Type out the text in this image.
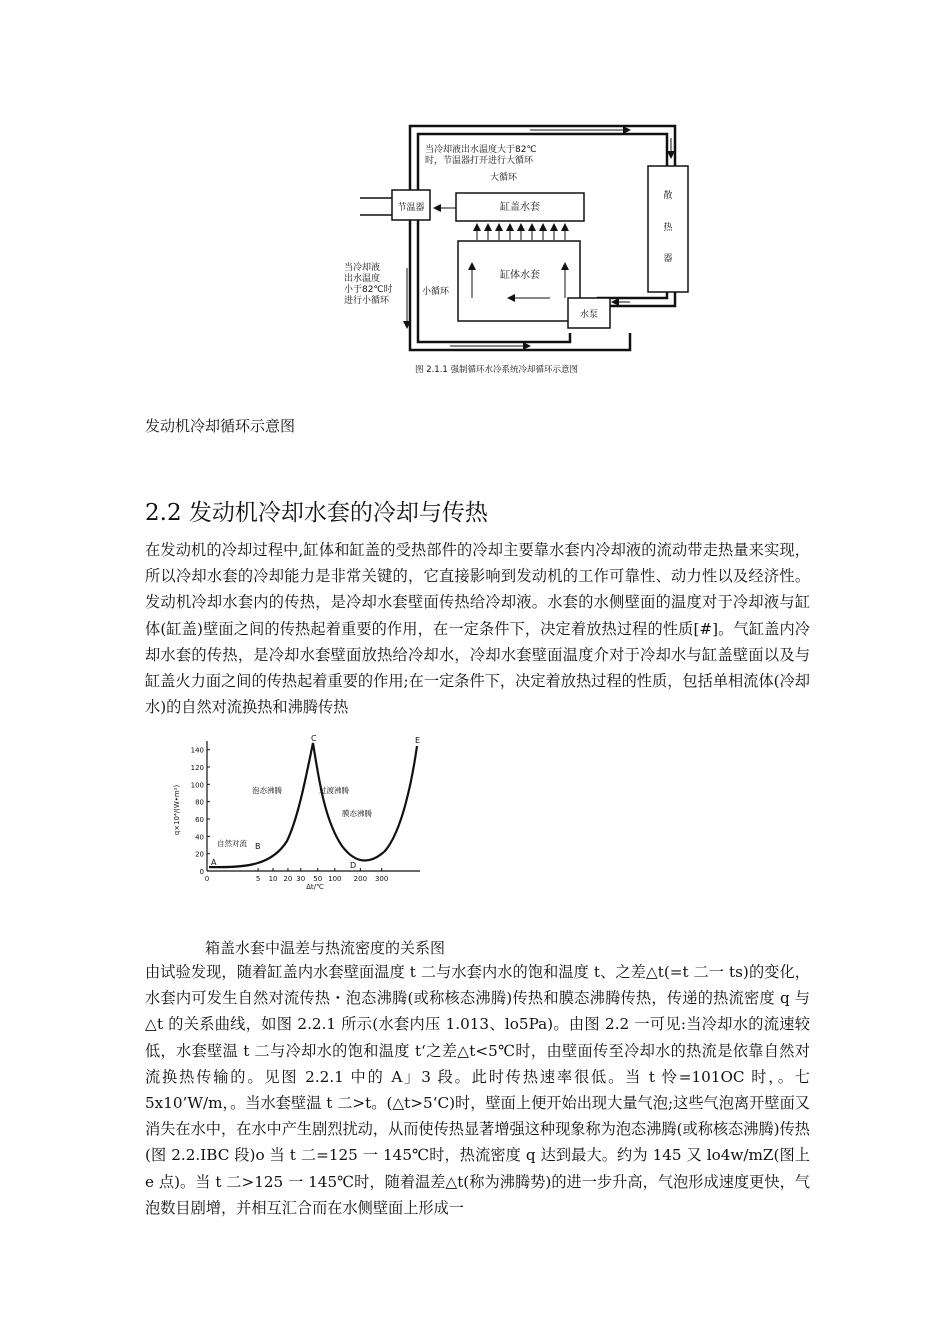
节温器	缸盖水套
缸体水套
水泵
散
热
器
当冷却液出水温度大于82℃
时，节温器打开进行大循环
大循环
当冷却液
出水温度
小于82℃时
进行小循环
小循环
图 2.1.1 强制循环水冷系统冷却循环示意图
发动机冷却循环示意图
2.2 发动机冷却水套的冷却与传热
在发动机的冷却过程中,缸体和缸盖的受热部件的冷却主要靠水套内冷却液的流动带走热量来实现，所以冷却水套的冷却能力是非常关键的，它直接影响到发动机的工作可靠性、动力性以及经济性。发动机冷却水套内的传热，是冷却水套壁面传热给冷却液。水套的水侧壁面的温度对于冷却液与缸体(缸盖)壁面之间的传热起着重要的作用，在一定条件下，决定着放热过程的性质[#]。气缸盖内冷却水套的传热，是冷却水套壁面放热给冷却水，冷却水套壁面温度介对于冷却水与缸盖壁面以及与缸盖火力面之间的传热起着重要的作用;在一定条件下，决定着放热过程的性质，包括单相流体(冷却水)的自然对流换热和沸腾传热
0
20
40
60
80
100
120
140
0	5 10 20 30 50 100 200 300
q×10⁴/(W•m²)
Δt/℃
A
B
C
D
E
自然对流
泡态沸腾	过渡沸腾
膜态沸腾
箱盖水套中温差与热流密度的关系图
由试验发现，随着缸盖内水套壁面温度 t 二与水套内水的饱和温度 t、之差△t(=t 二一 ts)的变化，水套内可发生自然对流传热・泡态沸腾(或称核态沸腾)传热和膜态沸腾传热，传递的热流密度 q 与△t 的关系曲线，如图 2.2.1 所示(水套内压 1.013、lo5Pa)。由图 2.2 一可见:当冷却水的流速较低，水套壁温 t 二与冷却水的饱和温度 t‘之差△t<5℃时，由壁面传至冷却水的热流是依靠自然对流换热传输的。见图 2.2.1 中的 A」3 段。此时传热速率很低。当 t 怜=101OC 时，。七 5x10’W/m，。当水套壁温 t 二>t。(△t>5‘C)时，壁面上便开始出现大量气泡;这些气泡离开壁面又消失在水中，在水中产生剧烈扰动，从而使传热显著增强这种现象称为泡态沸腾(或称核态沸腾)传热(图 2.2.IBC 段)o 当 t 二=125 一 145℃时，热流密度 q 达到最大。约为 145 又 lo4w/mZ(图上 e 点)。当 t 二>125 一 145℃时，随着温差△t(称为沸腾势)的进一步升高，气泡形成速度更快，气泡数目剧增，并相互汇合而在水侧壁面上形成一
